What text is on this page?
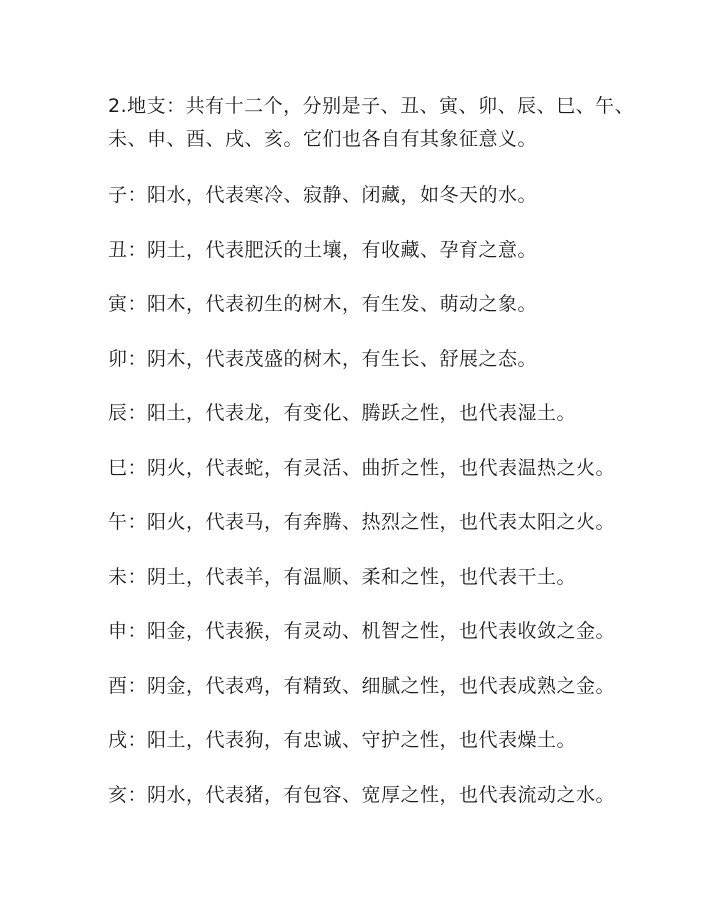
2.地支：共有十二个，分别是子、丑、寅、卯、辰、巳、午、
未、申、酉、戌、亥。它们也各自有其象征意义。
子：阳水，代表寒冷、寂静、闭藏，如冬天的水。
丑：阴土，代表肥沃的土壤，有收藏、孕育之意。
寅：阳木，代表初生的树木，有生发、萌动之象。
卯：阴木，代表茂盛的树木，有生长、舒展之态。
辰：阳土，代表龙，有变化、腾跃之性，也代表湿土。
巳：阴火，代表蛇，有灵活、曲折之性，也代表温热之火。
午：阳火，代表马，有奔腾、热烈之性，也代表太阳之火。
未：阴土，代表羊，有温顺、柔和之性，也代表干土。
申：阳金，代表猴，有灵动、机智之性，也代表收敛之金。
酉：阴金，代表鸡，有精致、细腻之性，也代表成熟之金。
戌：阳土，代表狗，有忠诚、守护之性，也代表燥土。
亥：阴水，代表猪，有包容、宽厚之性，也代表流动之水。
